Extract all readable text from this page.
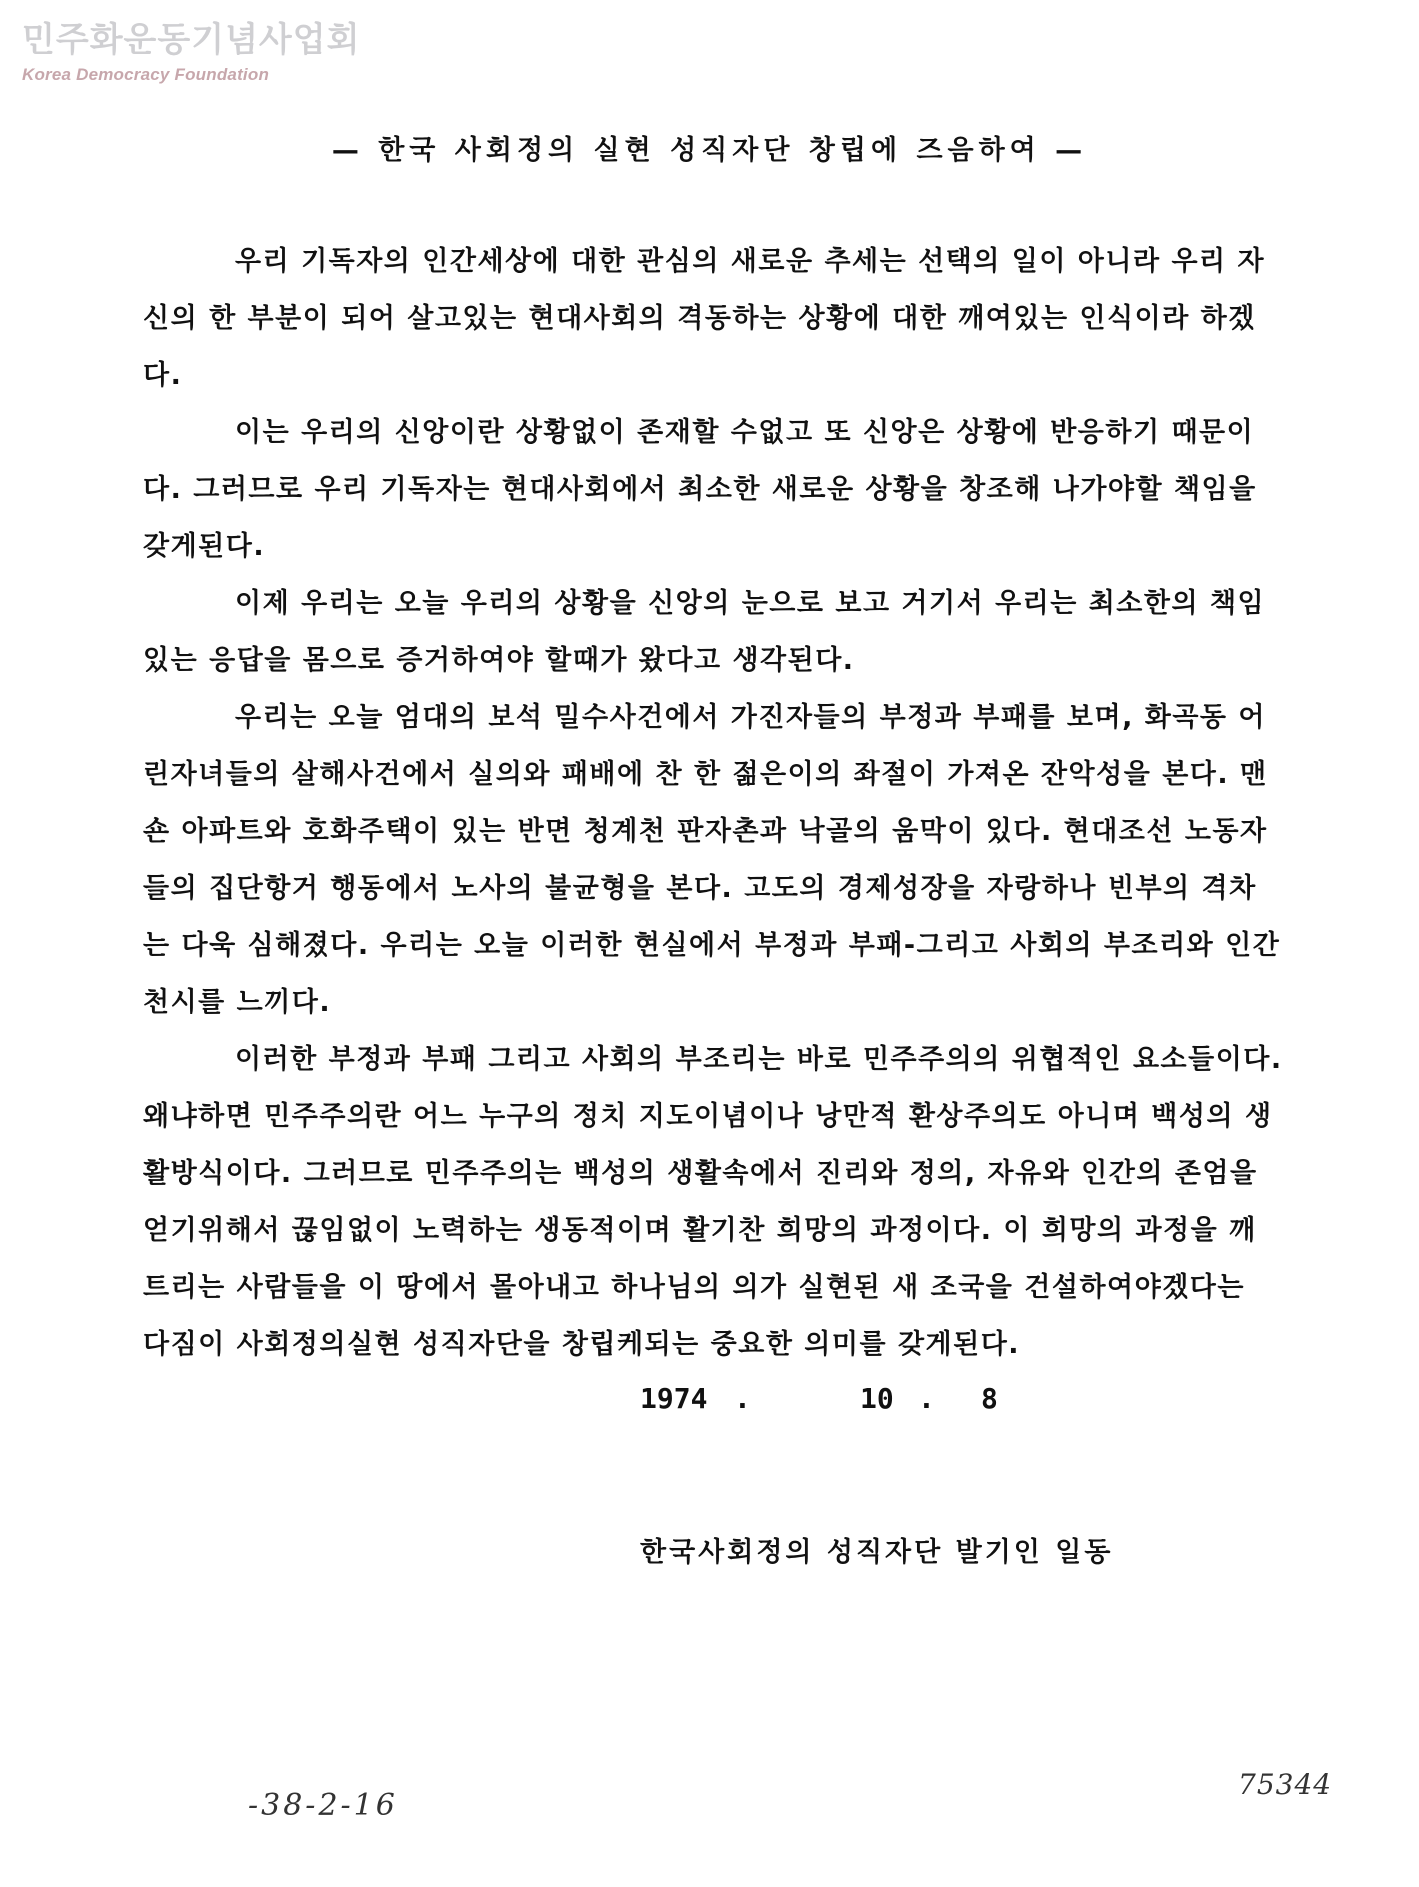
민주화운동기념사업회
Korea Democracy Foundation
— 한국 사회정의 실현 성직자단 창립에 즈음하여 —

우리 기독자의 인간세상에 대한 관심의 새로운 추세는 선택의 일이 아니라 우리 자신의 한 부분이 되어 살고있는 현대사회의 격동하는 상황에 대한 깨여있는 인식이라 하겠다.

이는 우리의 신앙이란 상황없이 존재할 수없고 또 신앙은 상황에 반응하기 때문이다. 그러므로 우리 기독자는 현대사회에서 최소한 새로운 상황을 창조해 나가야할 책임을 갖게된다.

이제 우리는 오늘 우리의 상황을 신앙의 눈으로 보고 거기서 우리는 최소한의 책임있는 응답을 몸으로 증거하여야 할때가 왔다고 생각된다.

우리는 오늘 엄대의 보석 밀수사건에서 가진자들의 부정과 부패를 보며, 화곡동 어린자녀들의 살해사건에서 실의와 패배에 찬 한 젊은이의 좌절이 가져온 잔악성을 본다. 맨숀 아파트와 호화주택이 있는 반면 청계천 판자촌과 낙골의 움막이 있다. 현대조선 노동자들의 집단항거 행동에서 노사의 불균형을 본다. 고도의 경제성장을 자랑하나 빈부의 격차는 다욱 심해졌다. 우리는 오늘 이러한 현실에서 부정과 부패-그리고 사회의 부조리와 인간천시를 느끼다.

이러한 부정과 부패 그리고 사회의 부조리는 바로 민주주의의 위협적인 요소들이다. 왜냐하면 민주주의란 어느 누구의 정치 지도이념이나 낭만적 환상주의도 아니며 백성의 생활방식이다. 그러므로 민주주의는 백성의 생활속에서 진리와 정의, 자유와 인간의 존엄을 얻기위해서 끊임없이 노력하는 생동적이며 활기찬 희망의 과정이다. 이 희망의 과정을 깨트리는 사람들을 이 땅에서 몰아내고 하나님의 의가 실현된 새 조국을 건설하여야겠다는 다짐이 사회정의실현 성직자단을 창립케되는 중요한 의미를 갖게된다.

1974 .	10 . 8
한국사회정의 성직자단 발기인 일동
-38-2-16
75344
